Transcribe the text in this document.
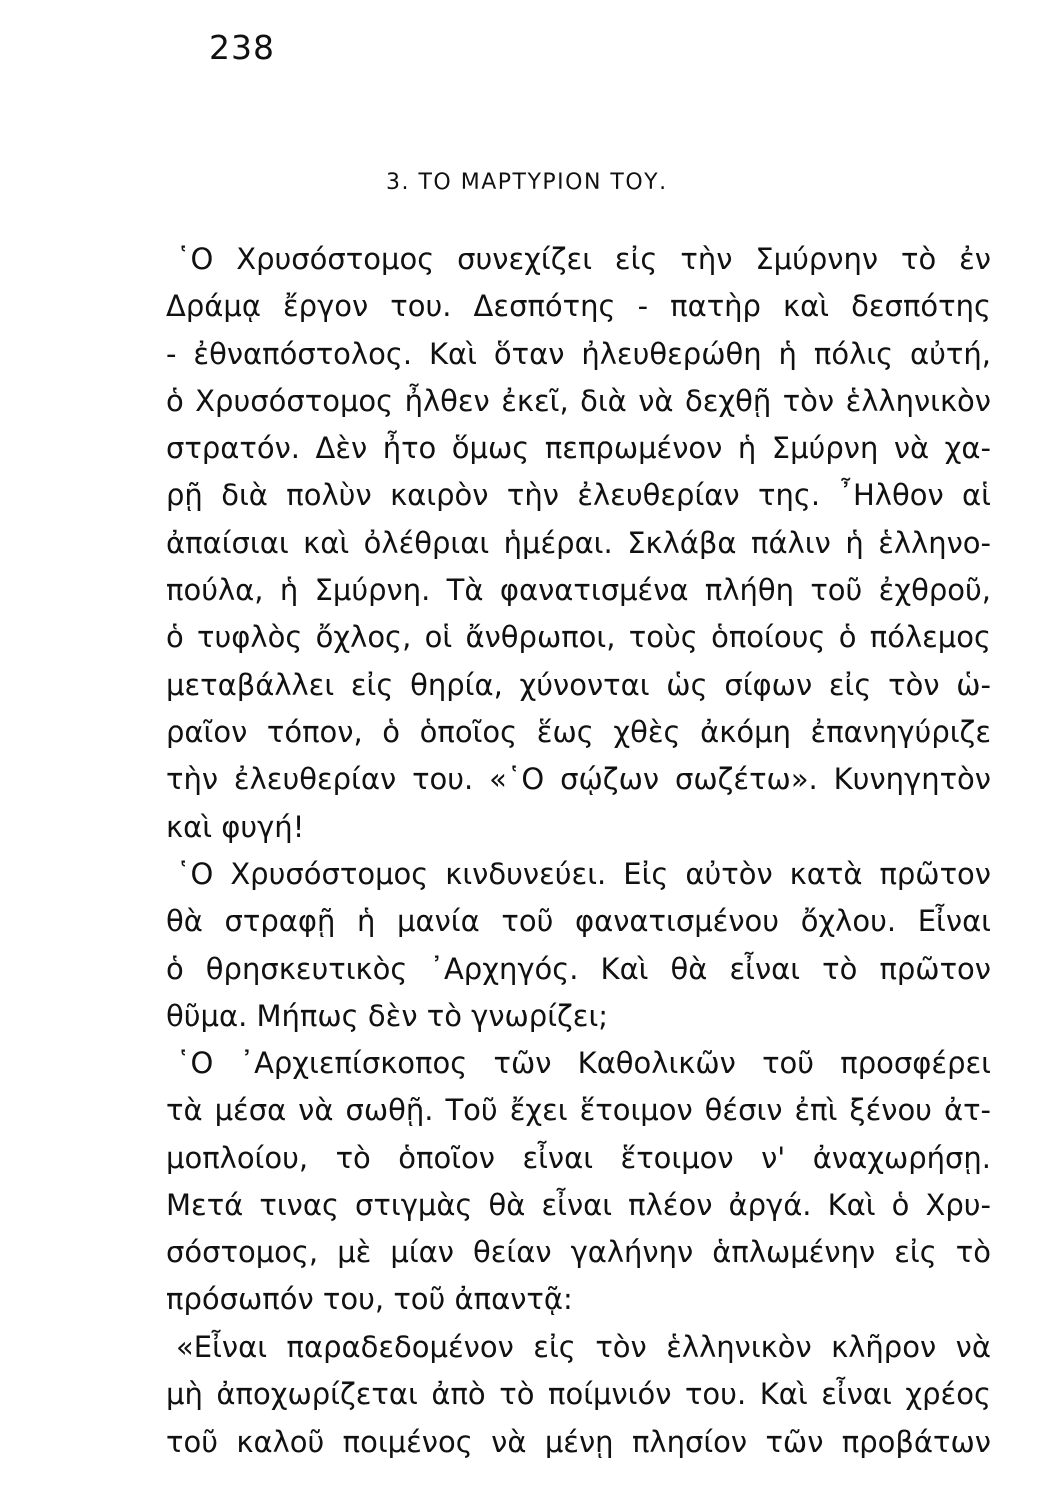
238
3. ΤΟ ΜΑΡΤΥΡΙΟΝ ΤΟΥ.
῾Ο Χρυσόστομος συνεχίζει εἰς τὴν Σμύρνην τὸ ἐν
Δράμᾳ ἔργον του. Δεσπότης - πατὴρ καὶ δεσπότης
- ἐθναπόστολος. Καὶ ὅταν ἠλευθερώθη ἡ πόλις αὐτή,
ὁ Χρυσόστομος ἦλθεν ἐκεῖ, διὰ νὰ δεχθῇ τὸν ἑλληνικὸν
στρατόν. Δὲν ἦτο ὅμως πεπρωμένον ἡ Σμύρνη νὰ χα-
ρῇ διὰ πολὺν καιρὸν τὴν ἐλευθερίαν της. ῏Ηλθον αἱ
ἀπαίσιαι καὶ ὀλέθριαι ἡμέραι. Σκλάβα πάλιν ἡ ἑλληνο-
πούλα, ἡ Σμύρνη. Τὰ φανατισμένα πλήθη τοῦ ἐχθροῦ,
ὁ τυφλὸς ὄχλος, οἱ ἄνθρωποι, τοὺς ὁποίους ὁ πόλεμος
μεταβάλλει εἰς θηρία, χύνονται ὡς σίφων εἰς τὸν ὡ-
ραῖον τόπον, ὁ ὁποῖος ἕως χθὲς ἀκόμη ἐπανηγύριζε
τὴν ἐλευθερίαν του. «῾Ο σῴζων σωζέτω». Κυνηγητὸν
καὶ φυγή!
῾Ο Χρυσόστομος κινδυνεύει. Εἰς αὐτὸν κατὰ πρῶτον
θὰ στραφῇ ἡ μανία τοῦ φανατισμένου ὄχλου. Εἶναι
ὁ θρησκευτικὸς ᾿Αρχηγός. Καὶ θὰ εἶναι τὸ πρῶτον
θῦμα. Μήπως δὲν τὸ γνωρίζει;
῾Ο ᾿Αρχιεπίσκοπος τῶν Καθολικῶν τοῦ προσφέρει
τὰ μέσα νὰ σωθῇ. Τοῦ ἔχει ἕτοιμον θέσιν ἐπὶ ξένου ἀτ-
μοπλοίου, τὸ ὁποῖον εἶναι ἕτοιμον ν' ἀναχωρήσῃ.
Μετά τινας στιγμὰς θὰ εἶναι πλέον ἀργά. Καὶ ὁ Χρυ-
σόστομος, μὲ μίαν θείαν γαλήνην ἁπλωμένην εἰς τὸ
πρόσωπόν του, τοῦ ἀπαντᾷ:
«Εἶναι παραδεδομένον εἰς τὸν ἑλληνικὸν κλῆρον νὰ
μὴ ἀποχωρίζεται ἀπὸ τὸ ποίμνιόν του. Καὶ εἶναι χρέος
τοῦ καλοῦ ποιμένος νὰ μένῃ πλησίον τῶν προβάτων
